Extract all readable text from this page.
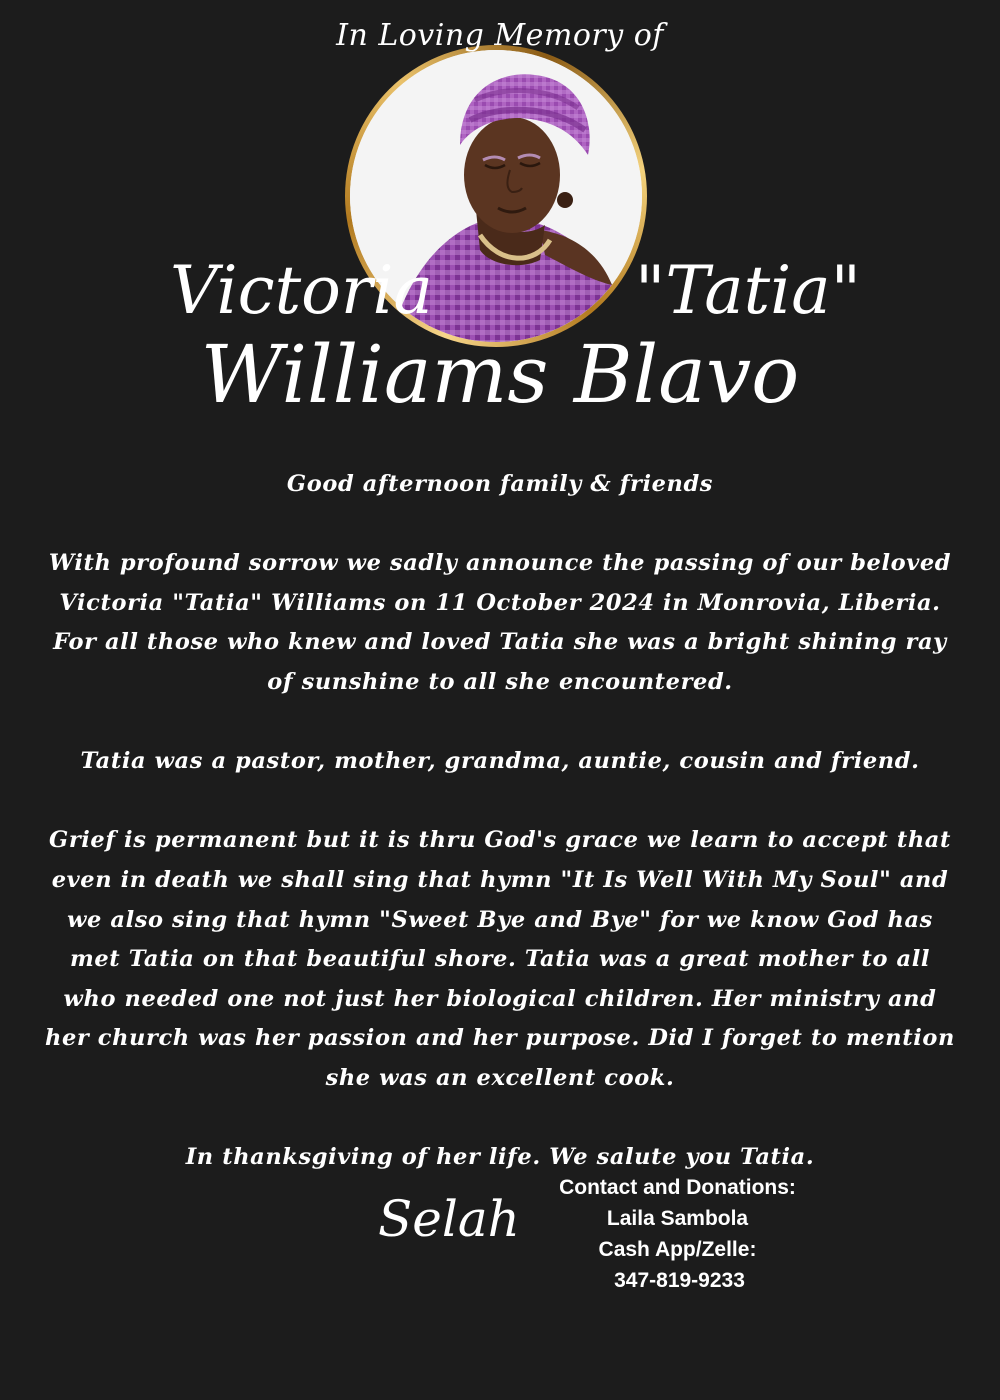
In Loving Memory of
Victoria	"Tatia"
Williams Blavo

Good afternoon family & friends

With profound sorrow we sadly announce the passing of our beloved Victoria "Tatia" Williams on 11 October 2024 in Monrovia, Liberia. For all those who knew and loved Tatia she was a bright shining ray of sunshine to all she encountered.

Tatia was a pastor, mother, grandma, auntie, cousin and friend.

Grief is permanent but it is thru God's grace we learn to accept that even in death we shall sing that hymn "It Is Well With My Soul" and we also sing that hymn "Sweet Bye and Bye" for we know God has met Tatia on that beautiful shore. Tatia was a great mother to all who needed one not just her biological children. Her ministry and her church was her passion and her purpose. Did I forget to mention she was an excellent cook.

In thanksgiving of her life. We salute you Tatia.

Selah
Contact and Donations:
Laila Sambola
Cash App/Zelle:
347-819-9233
